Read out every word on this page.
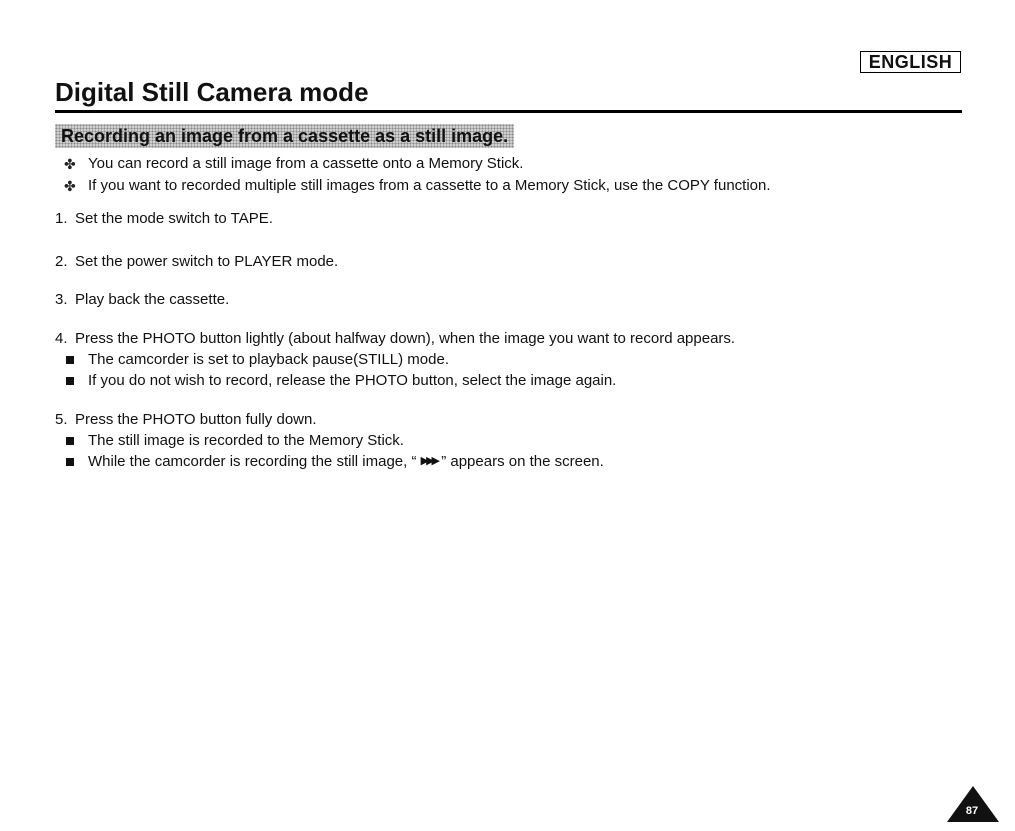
ENGLISH
Digital Still Camera mode
Recording an image from a cassette as a still image.
✤ You can record a still image from a cassette onto a Memory Stick.
✤ If you want to recorded multiple still images from a cassette to a Memory Stick, use the COPY function.
1. Set the mode switch to TAPE.
2. Set the power switch to PLAYER mode.
3. Play back the cassette.
4. Press the PHOTO button lightly (about halfway down), when the image you want to record appears.
The camcorder is set to playback pause(STILL) mode.
If you do not wish to record, release the PHOTO button, select the image again.
5. Press the PHOTO button fully down.
The still image is recorded to the Memory Stick.
While the camcorder is recording the still image,
“
▶▶▶
”
appears on the screen.
87
